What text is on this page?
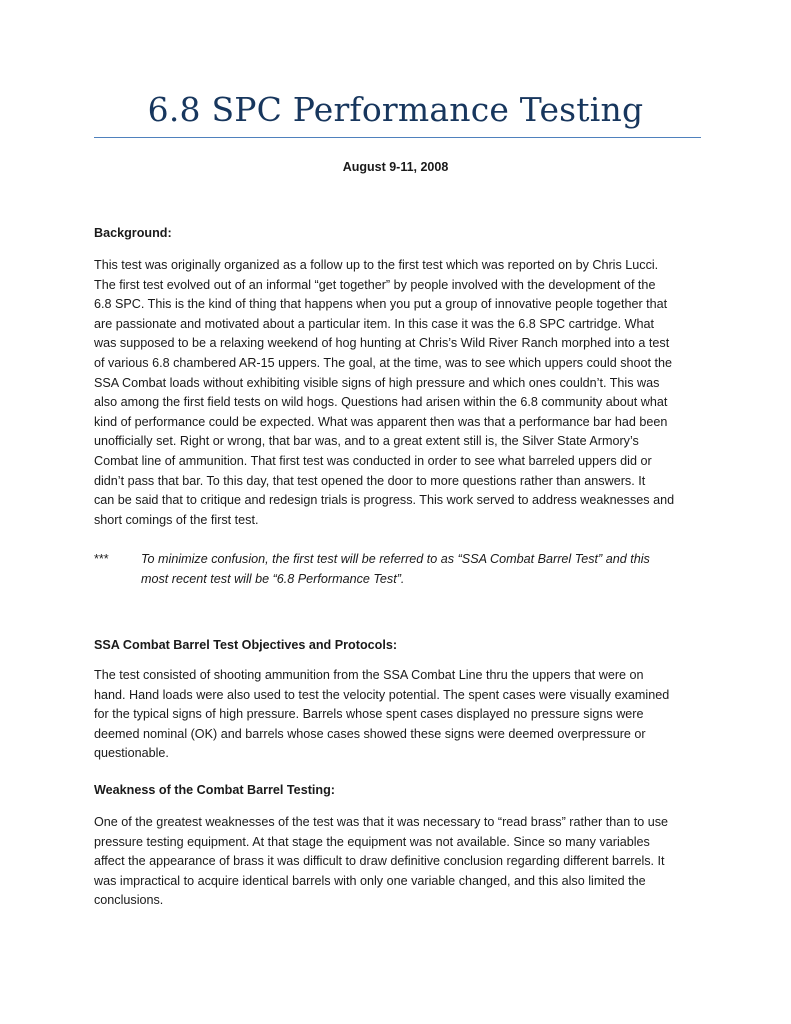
6.8 SPC Performance Testing
August 9-11, 2008
Background:
This test was originally organized as a follow up to the first test which was reported on by Chris Lucci.
The first test evolved out of an informal “get together” by people involved with the development of the
6.8 SPC. This is the kind of thing that happens when you put a group of innovative people together that
are passionate and motivated about a particular item. In this case it was the 6.8 SPC cartridge. What
was supposed to be a relaxing weekend of hog hunting at Chris’s Wild River Ranch morphed into a test
of various 6.8 chambered AR-15 uppers. The goal, at the time, was to see which uppers could shoot the
SSA Combat loads without exhibiting visible signs of high pressure and which ones couldn’t. This was
also among the first field tests on wild hogs. Questions had arisen within the 6.8 community about what
kind of performance could be expected. What was apparent then was that a performance bar had been
unofficially set. Right or wrong, that bar was, and to a great extent still is, the Silver State Armory’s
Combat line of ammunition. That first test was conducted in order to see what barreled uppers did or
didn’t pass that bar. To this day, that test opened the door to more questions rather than answers. It
can be said that to critique and redesign trials is progress. This work served to address weaknesses and
short comings of the first test.
***	To minimize confusion, the first test will be referred to as “SSA Combat Barrel Test” and this
most recent test will be “6.8 Performance Test”.
SSA Combat Barrel Test Objectives and Protocols:
The test consisted of shooting ammunition from the SSA Combat Line thru the uppers that were on
hand. Hand loads were also used to test the velocity potential. The spent cases were visually examined
for the typical signs of high pressure. Barrels whose spent cases displayed no pressure signs were
deemed nominal (OK) and barrels whose cases showed these signs were deemed overpressure or
questionable.
Weakness of the Combat Barrel Testing:
One of the greatest weaknesses of the test was that it was necessary to “read brass” rather than to use
pressure testing equipment. At that stage the equipment was not available. Since so many variables
affect the appearance of brass it was difficult to draw definitive conclusion regarding different barrels. It
was impractical to acquire identical barrels with only one variable changed, and this also limited the
conclusions.
